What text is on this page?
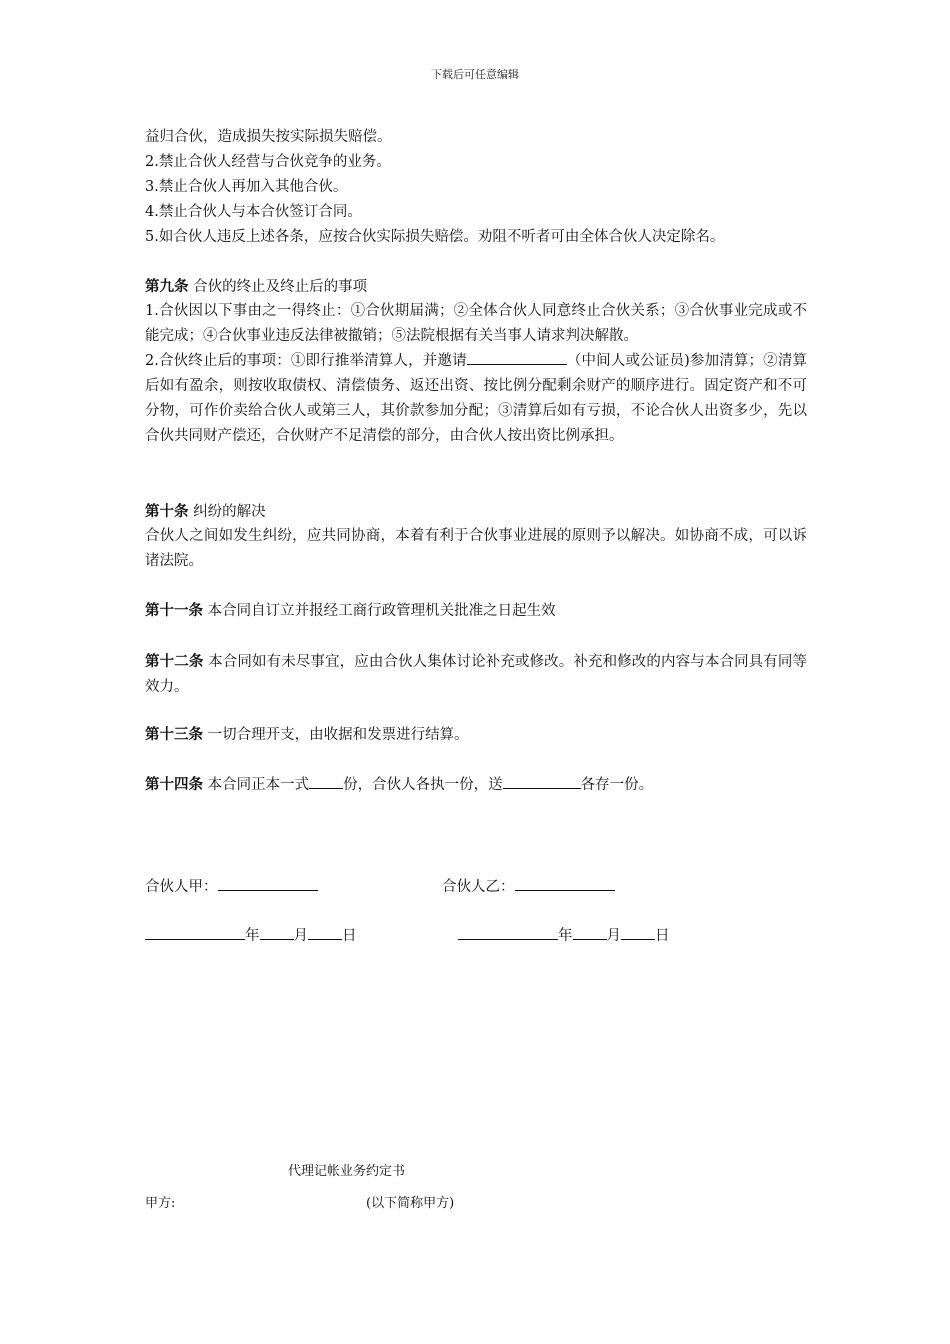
下载后可任意编辑
益归合伙，造成损失按实际损失赔偿。
2.禁止合伙人经营与合伙竞争的业务。
3.禁止合伙人再加入其他合伙。
4.禁止合伙人与本合伙签订合同。
5.如合伙人违反上述各条，应按合伙实际损失赔偿。劝阻不听者可由全体合伙人决定除名。
第九条 合伙的终止及终止后的事项
1.合伙因以下事由之一得终止：①合伙期届满；②全体合伙人同意终止合伙关系；③合伙事业完成或不能完成；④合伙事业违反法律被撤销；⑤法院根据有关当事人请求判决解散。
2.合伙终止后的事项：①即行推举清算人，并邀请	（中间人或公证员)参加清算；②清算后如有盈余，则按收取债权、清偿债务、返还出资、按比例分配剩余财产的顺序进行。固定资产和不可分物，可作价卖给合伙人或第三人，其价款参加分配；③清算后如有亏损，不论合伙人出资多少，先以合伙共同财产偿还，合伙财产不足清偿的部分，由合伙人按出资比例承担。
第十条 纠纷的解决
合伙人之间如发生纠纷，应共同协商，本着有利于合伙事业进展的原则予以解决。如协商不成，可以诉诸法院。
第十一条 本合同自订立并报经工商行政管理机关批准之日起生效
第十二条 本合同如有未尽事宜，应由合伙人集体讨论补充或修改。补充和修改的内容与本合同具有同等效力。
第十三条 一切合理开支，由收据和发票进行结算。
第十四条 本合同正本一式 份，合伙人各执一份，送	各存一份。
合伙人甲：	合伙人乙：
年 月 日	年 月 日
代理记帐业务约定书
甲方:	(以下简称甲方)
